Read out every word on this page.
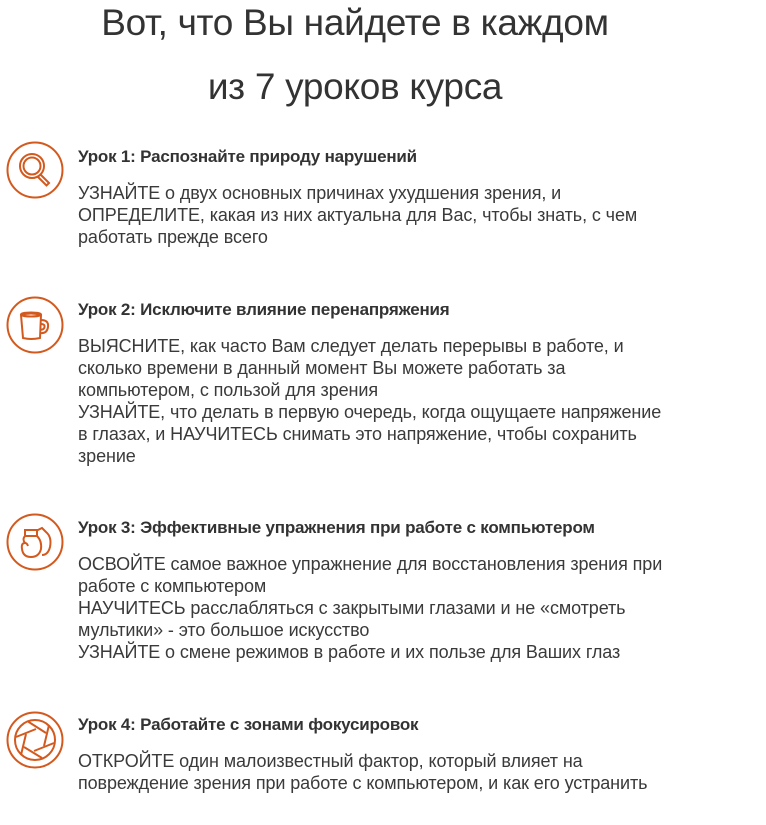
Вот, что Вы найдете в каждом
из 7 уроков курса
Урок 1: Распознайте природу нарушений
УЗНАЙТЕ о двух основных причинах ухудшения зрения, и
ОПРЕДЕЛИТЕ, какая из них актуальна для Вас, чтобы знать, с чем
работать прежде всего
Урок 2: Исключите влияние перенапряжения
ВЫЯСНИТЕ, как часто Вам следует делать перерывы в работе, и
сколько времени в данный момент Вы можете работать за
компьютером, с пользой для зрения
УЗНАЙТЕ, что делать в первую очередь, когда ощущаете напряжение
в глазах, и НАУЧИТЕСЬ снимать это напряжение, чтобы сохранить
зрение
Урок 3: Эффективные упражнения при работе с компьютером
ОСВОЙТЕ самое важное упражнение для восстановления зрения при
работе с компьютером
НАУЧИТЕСЬ расслабляться с закрытыми глазами и не «смотреть
мультики» - это большое искусство
УЗНАЙТЕ о смене режимов в работе и их пользе для Ваших глаз
Урок 4: Работайте с зонами фокусировок
ОТКРОЙТЕ один малоизвестный фактор, который влияет на
повреждение зрения при работе с компьютером, и как его устранить
